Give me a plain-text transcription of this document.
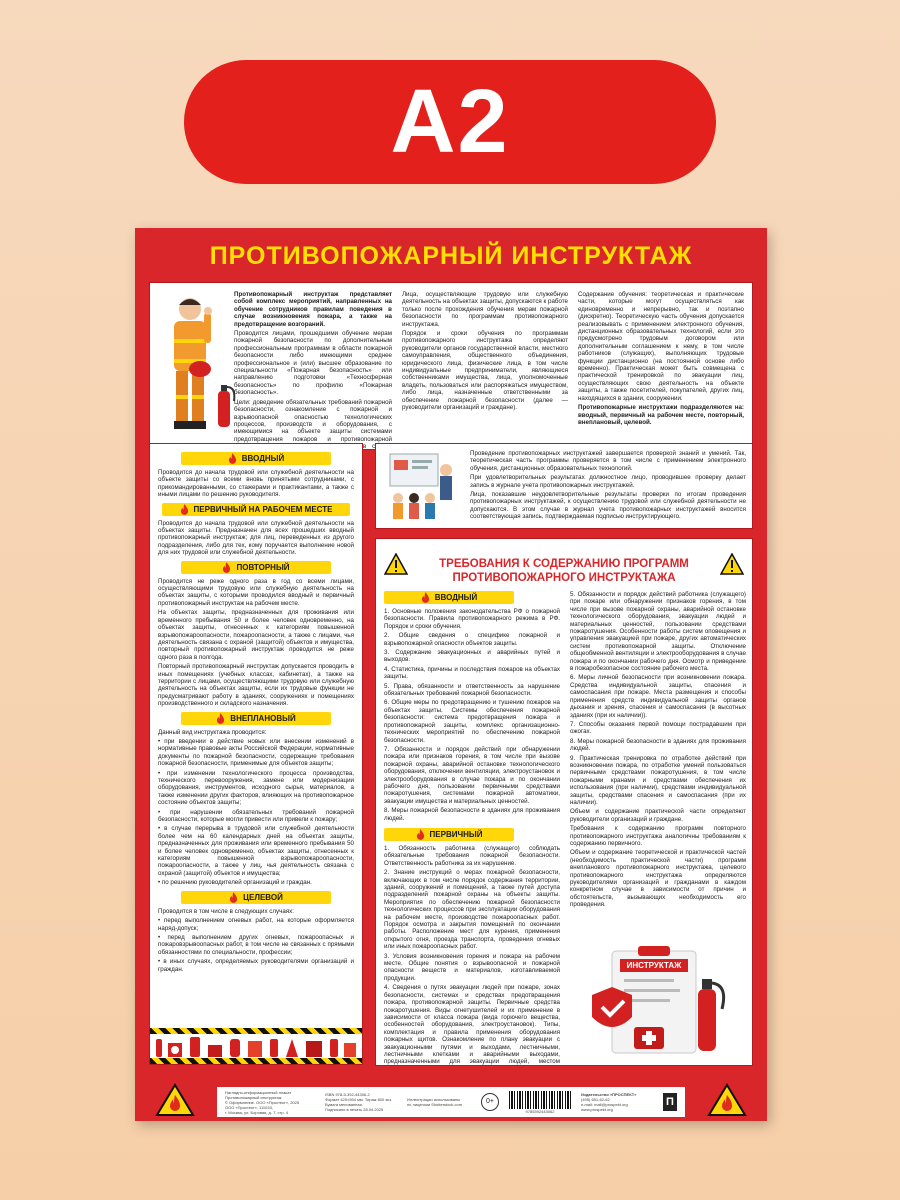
A2
ПРОТИВОПОЖАРНЫЙ ИНСТРУКТАЖ

Противопожарный инструктаж представляет собой комплекс мероприятий, направленных на обучение сотрудников правилам поведения в случае возникновения пожара, а также на предотвращение возгораний.

Проводится лицами, прошедшими обучение мерам пожарной безопасности по дополнительным профессиональным программам в области пожарной безопасности либо имеющими среднее профессиональное и (или) высшее образование по специальности «Пожарная безопасность» или направлению подготовки «Техносферная безопасность» по профилю «Пожарная безопасность».

Цели: доведение обязательных требований пожарной безопасности, ознакомление с пожарной и взрывоопасной опасностью технологических процессов, производств и оборудования, с имеющимися на объекте защиты системами предотвращения пожаров и противопожарной в

Лица, осуществляющие трудовую или служебную деятельность на объектах защиты, допускаются к работе только после прохождения обучения мерам пожарной безопасности по программам противопожарного инструктажа.

Порядок и сроки обучения по программам противопожарного инструктажа определяют руководители органов государственной власти, местного самоуправления, общественного объединения, юридического лица, физические лица, в том числе индивидуальные предприниматели, являющиеся собственниками имущества, лица, уполномоченные владеть, пользоваться или распоряжаться имуществом, либо лица, назначенные ответственными за обеспечение пожарной безопасности (далее — руководители организаций и граждане).

Содержание обучения: теоретическая и практические части, которые могут осуществляться как единовременно и непрерывно, так и поэтапно (дискретно). Теоретическую часть обучения допускается реализовывать с применением электронного обучения, дистанционных образовательных технологий, если это предусмотрено трудовым договором или дополнительным соглашением к нему, в том числе работников (служащих), выполняющих трудовые функции дистанционно (на постоянной основе либо временно). Практическая может быть совмещена с практической тренировкой по эвакуации лиц, осуществляющих свою деятельность на объекте защиты, а также посетителей, покупателей, других лиц, находящихся в здании, сооружении.

Противопожарные инструктажи подразделяются на: вводный, первичный на рабочем месте, повторный, внеплановый, целевой.

ВВОДНЫЙ

Проводится до начала трудовой или служебной деятельности на объекте защиты со всеми вновь принятыми сотрудниками, с прикомандированными, со стажерами и практикантами, а также с иными лицами по решению руководителя.

ПЕРВИЧНЫЙ НА РАБОЧЕМ МЕСТЕ

Проводится до начала трудовой или служебной деятельности на объектах защиты. Предназначен для всех прошедших вводный противопожарный инструктаж; для лиц, переведенных из другого подразделения, либо для тех, кому поручается выполнение новой для них трудовой или служебной деятельности.

ПОВТОРНЫЙ

Проводится не реже одного раза в год со всеми лицами, осуществляющими трудовую или служебную деятельность на объектах защиты, с которыми проводился вводный и первичный противопожарный инструктаж на рабочем месте.

На объектах защиты, предназначенных для проживания или временного пребывания 50 и более человек одновременно, на объектах защиты, отнесенных к категориям повышенной взрывопожароопасности, пожароопасности, а также с лицами, чья деятельность связана с охраной (защитой) объектов и имущества, повторный противопожарный инструктаж проводится не реже одного раза в полгода.

Повторный противопожарный инструктаж допускается проводить в иных помещениях (учебных классах, кабинетах), а также на территории с лицами, осуществляющими трудовую или служебную деятельность на объектах защиты, если их трудовые функции не предусматривают работу в зданиях, сооружениях и помещениях производственного и складского назначения.

ВНЕПЛАНОВЫЙ

Данный вид инструктажа проводится:

• при введении в действие новых или внесении изменений в нормативные правовые акты Российской Федерации, нормативные документы по пожарной безопасности, содержащие требования пожарной безопасности, применимые для объектов защиты;

• при изменении технологического процесса производства, технического перевооружения, замене или модернизации оборудования, инструментов, исходного сырья, материалов, а также изменении других факторов, влияющих на противопожарное состояние объектов защиты;

• при нарушении обязательных требований пожарной безопасности, которые могли привести или привели к пожару;

• в случае перерыва в трудовой или служебной деятельности более чем на 60 календарных дней на объектах защиты, предназначенных для проживания или временного пребывания 50 и более человек одновременно, объектах защиты, отнесенных к категориям повышенной взрывопожароопасности, пожароопасности, а также у лиц, чья деятельность связана с охраной (защитой) объектов и имущества;

• по решению руководителей организаций и граждан.

ЦЕЛЕВОЙ

Проводится в том числе в следующих случаях:

• перед выполнением огневых работ, на которые оформляется наряд-допуск;

• перед выполнением других огневых, пожароопасных и пожаровзрывоопасных работ, в том числе не связанных с прямыми обязанностями по специальности, профессии;

• в иных случаях, определяемых руководителями организаций и граждан.

Проведение противопожарных инструктажей завершается проверкой знаний и умений. Так, теоретическая часть программы проверяется в том числе с применением электронного обучения, дистанционных образовательных технологий.

При удовлетворительных результатах должностное лицо, проводившее проверку делает запись в журнале учета противопожарных инструктажей.

Лица, показавшие неудовлетворительные результаты проверки по итогам проведения противопожарных инструктажей, к осуществлению трудовой или служебной деятельности не допускаются. В этом случае в журнал учета противопожарных инструктажей вносится соответствующая запись, подтверждаемая подписью инструктирующего.

ТРЕБОВАНИЯ К СОДЕРЖАНИЮ ПРОГРАММ
ПРОТИВОПОЖАРНОГО ИНСТРУКТАЖА
ВВОДНЫЙ

1. Основные положения законодательства РФ о пожарной безопасности. Правила противопожарного режима в РФ. Порядок и сроки обучения.

2. Общие сведения о специфике пожарной и взрывопожарной опасности объектов защиты.

3. Содержание эвакуационных и аварийных путей и выходов.

4. Статистика, причины и последствия пожаров на объектах защиты.

5. Права, обязанности и ответственность за нарушение обязательных требований пожарной безопасности.

6. Общие меры по предотвращению и тушению пожаров на объектах защиты. Системы обеспечения пожарной безопасности: система предотвращения пожара и противопожарной защиты, комплекс организационно-технических мероприятий по обеспечению пожарной безопасности.

7. Обязанности и порядок действий при обнаружении пожара или признаков горения, в том числе при вызове пожарной охраны, аварийной остановке технологического оборудования, отключении вентиляции, электроустановок и электрооборудования в случае пожара и по окончании рабочего дня, пользовании первичными средствами пожаротушения, системами пожарной автоматики, эвакуации имущества и материальных ценностей.

8. Меры пожарной безопасности в зданиях для проживания людей.

ПЕРВИЧНЫЙ

1. Обязанность работника (служащего) соблюдать обязательные требования пожарной безопасности. Ответственность работника за их нарушение.

2. Знание инструкций о мерах пожарной безопасности, включающих в том числе порядок содержания территории, зданий, сооружений и помещений, а также путей доступа подразделений пожарной охраны на объекты защиты. Мероприятия по обеспечению пожарной безопасности технологических процессов при эксплуатации оборудования на рабочем месте, производстве пожароопасных работ. Порядок осмотра и закрытия помещений по окончании работы. Расположение мест для курения, применения открытого огня, проезда транспорта, проведения огневых или иных пожароопасных работ.

3. Условия возникновения горения и пожара на рабочем месте. Общие понятия о взрывоопасной и пожарной опасности веществ и материалов, изготавливаемой продукции.

4. Сведения о путях эвакуации людей при пожаре, зонах безопасности, системах и средствах предотвращения пожара, противопожарной защиты. Первичные средства пожаротушения. Виды огнетушителей и их применение в зависимости от класса пожара (вида горючего вещества, особенностей оборудования, электроустановок). Типы, комплектация и правила применения оборудования пожарных щитов. Ознакомление по плану эвакуации с эвакуационными путями и выходами, лестничными, лестничными клетками и аварийными выходами, предназначенными для эвакуации людей, местом

5. Обязанности и порядок действий работника (служащего) при пожаре или обнаружении признаков горения, в том числе при вызове пожарной охраны, аварийной остановке технологического оборудования, эвакуации людей и материальных ценностей, пользовании средствами пожаротушения. Особенности работы систем оповещения и управления эвакуацией при пожаре, других автоматических систем противопожарной защиты. Отключение общеобменной вентиляции и электрооборудования в случае пожара и по окончании рабочего дня. Осмотр и приведение в пожаробезопасное состояние рабочего места.

6. Меры личной безопасности при возникновении пожара. Средства индивидуальной защиты, спасения и самоспасания при пожаре. Места размещения и способы применения средств индивидуальной защиты органов дыхания и зрения, спасения и самоспасания (в высотных зданиях (при их наличии)).

7. Способы оказания первой помощи пострадавшим при ожогах.

8. Меры пожарной безопасности в зданиях для проживания людей.

9. Практическая тренировка по отработке действий при возникновении пожара, по отработке умений пользоваться первичными средствами пожаротушения, в том числе пожарными кранами и средствами обеспечения их использования (при наличии), средствами индивидуальной защиты, средствами спасения и самоспасания (при их наличии).

Объем и содержание практической части определяют руководители организаций и граждане.

Требования к содержанию программ повторного противопожарного инструктажа аналогичны требованиям к содержанию первичного.

Объем и содержание теоретической и практической частей (необходимость практической части) программ внепланового противопожарного инструктажа, целевого противопожарного инструктажа определяются руководителями организаций и гражданами в каждом конкретном случае в зависимости от причин и обстоятельств, вызывающих необходимость его проведения.

ИНСТРУКТАЖ
Наглядно-информационный плакат
Противопожарный инструктаж
© Оформление. ООО «Простект», 2025
ООО «Простект», 111033,
г. Москва, ул. Боровая, д. 7, стр. 4
ISBN 978-5-392-44306-2
Формат 420×594 мм. Тираж 600 экз.
Бумага мелованная.
Подписано в печать 28.04.2025
Иллюстрации использованы
по лицензии Shutterstock.com	0+
9785392443062
Издательство «ПРОСПЕКТ»
(495) 651-62-62
e-mail: mail@prospekt.org
www.prospekt.org
П
